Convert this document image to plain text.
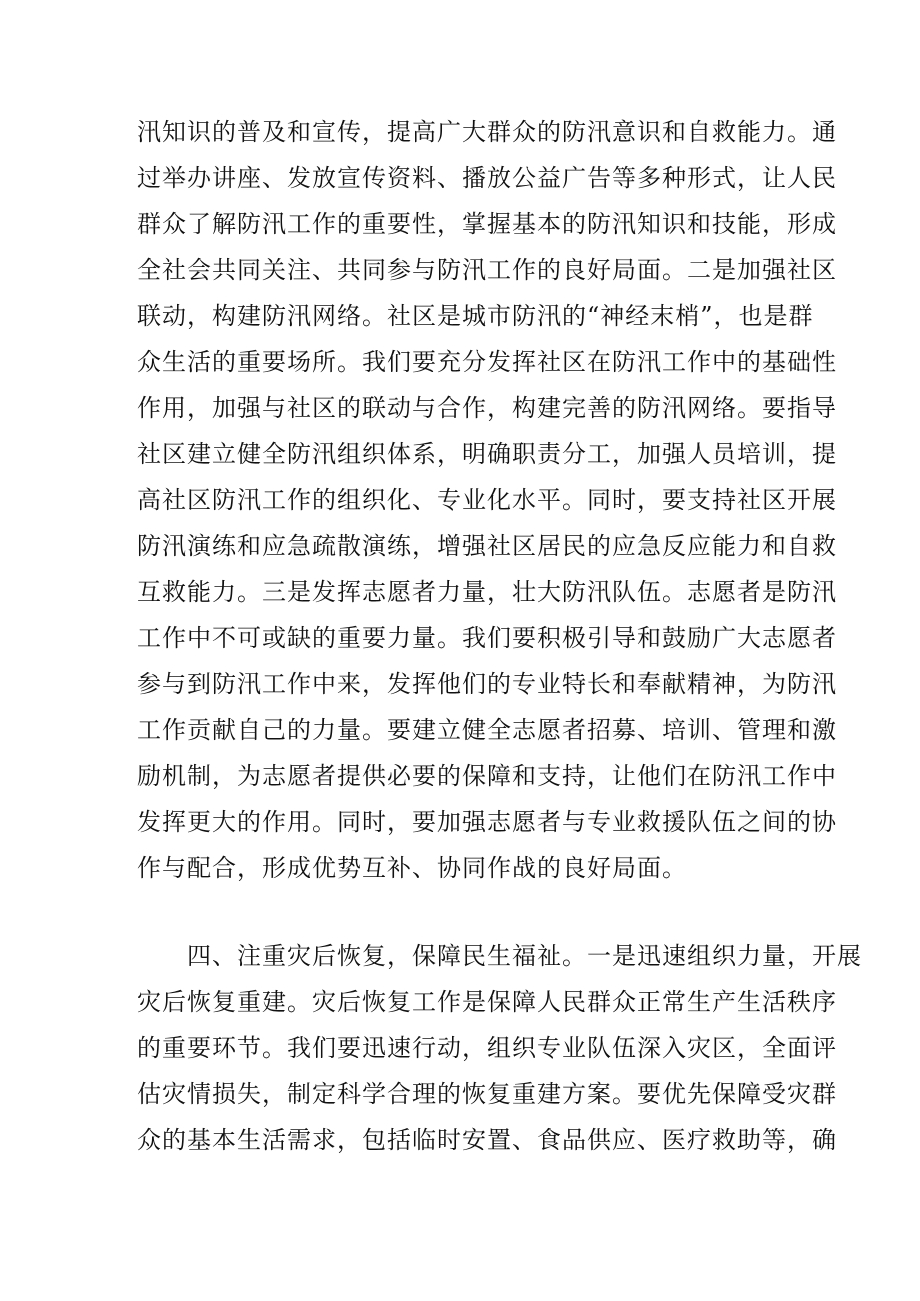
汛知识的普及和宣传，提高广大群众的防汛意识和自救能力。通
过举办讲座、发放宣传资料、播放公益广告等多种形式，让人民
群众了解防汛工作的重要性，掌握基本的防汛知识和技能，形成
全社会共同关注、共同参与防汛工作的良好局面。二是加强社区
联动，构建防汛网络。社区是城市防汛的“神经末梢”，也是群
众生活的重要场所。我们要充分发挥社区在防汛工作中的基础性
作用，加强与社区的联动与合作，构建完善的防汛网络。要指导
社区建立健全防汛组织体系，明确职责分工，加强人员培训，提
高社区防汛工作的组织化、专业化水平。同时，要支持社区开展
防汛演练和应急疏散演练，增强社区居民的应急反应能力和自救
互救能力。三是发挥志愿者力量，壮大防汛队伍。志愿者是防汛
工作中不可或缺的重要力量。我们要积极引导和鼓励广大志愿者
参与到防汛工作中来，发挥他们的专业特长和奉献精神，为防汛
工作贡献自己的力量。要建立健全志愿者招募、培训、管理和激
励机制，为志愿者提供必要的保障和支持，让他们在防汛工作中
发挥更大的作用。同时，要加强志愿者与专业救援队伍之间的协
作与配合，形成优势互补、协同作战的良好局面。
　　四、注重灾后恢复，保障民生福祉。一是迅速组织力量，开展
灾后恢复重建。灾后恢复工作是保障人民群众正常生产生活秩序
的重要环节。我们要迅速行动，组织专业队伍深入灾区，全面评
估灾情损失，制定科学合理的恢复重建方案。要优先保障受灾群
众的基本生活需求，包括临时安置、食品供应、医疗救助等，确
